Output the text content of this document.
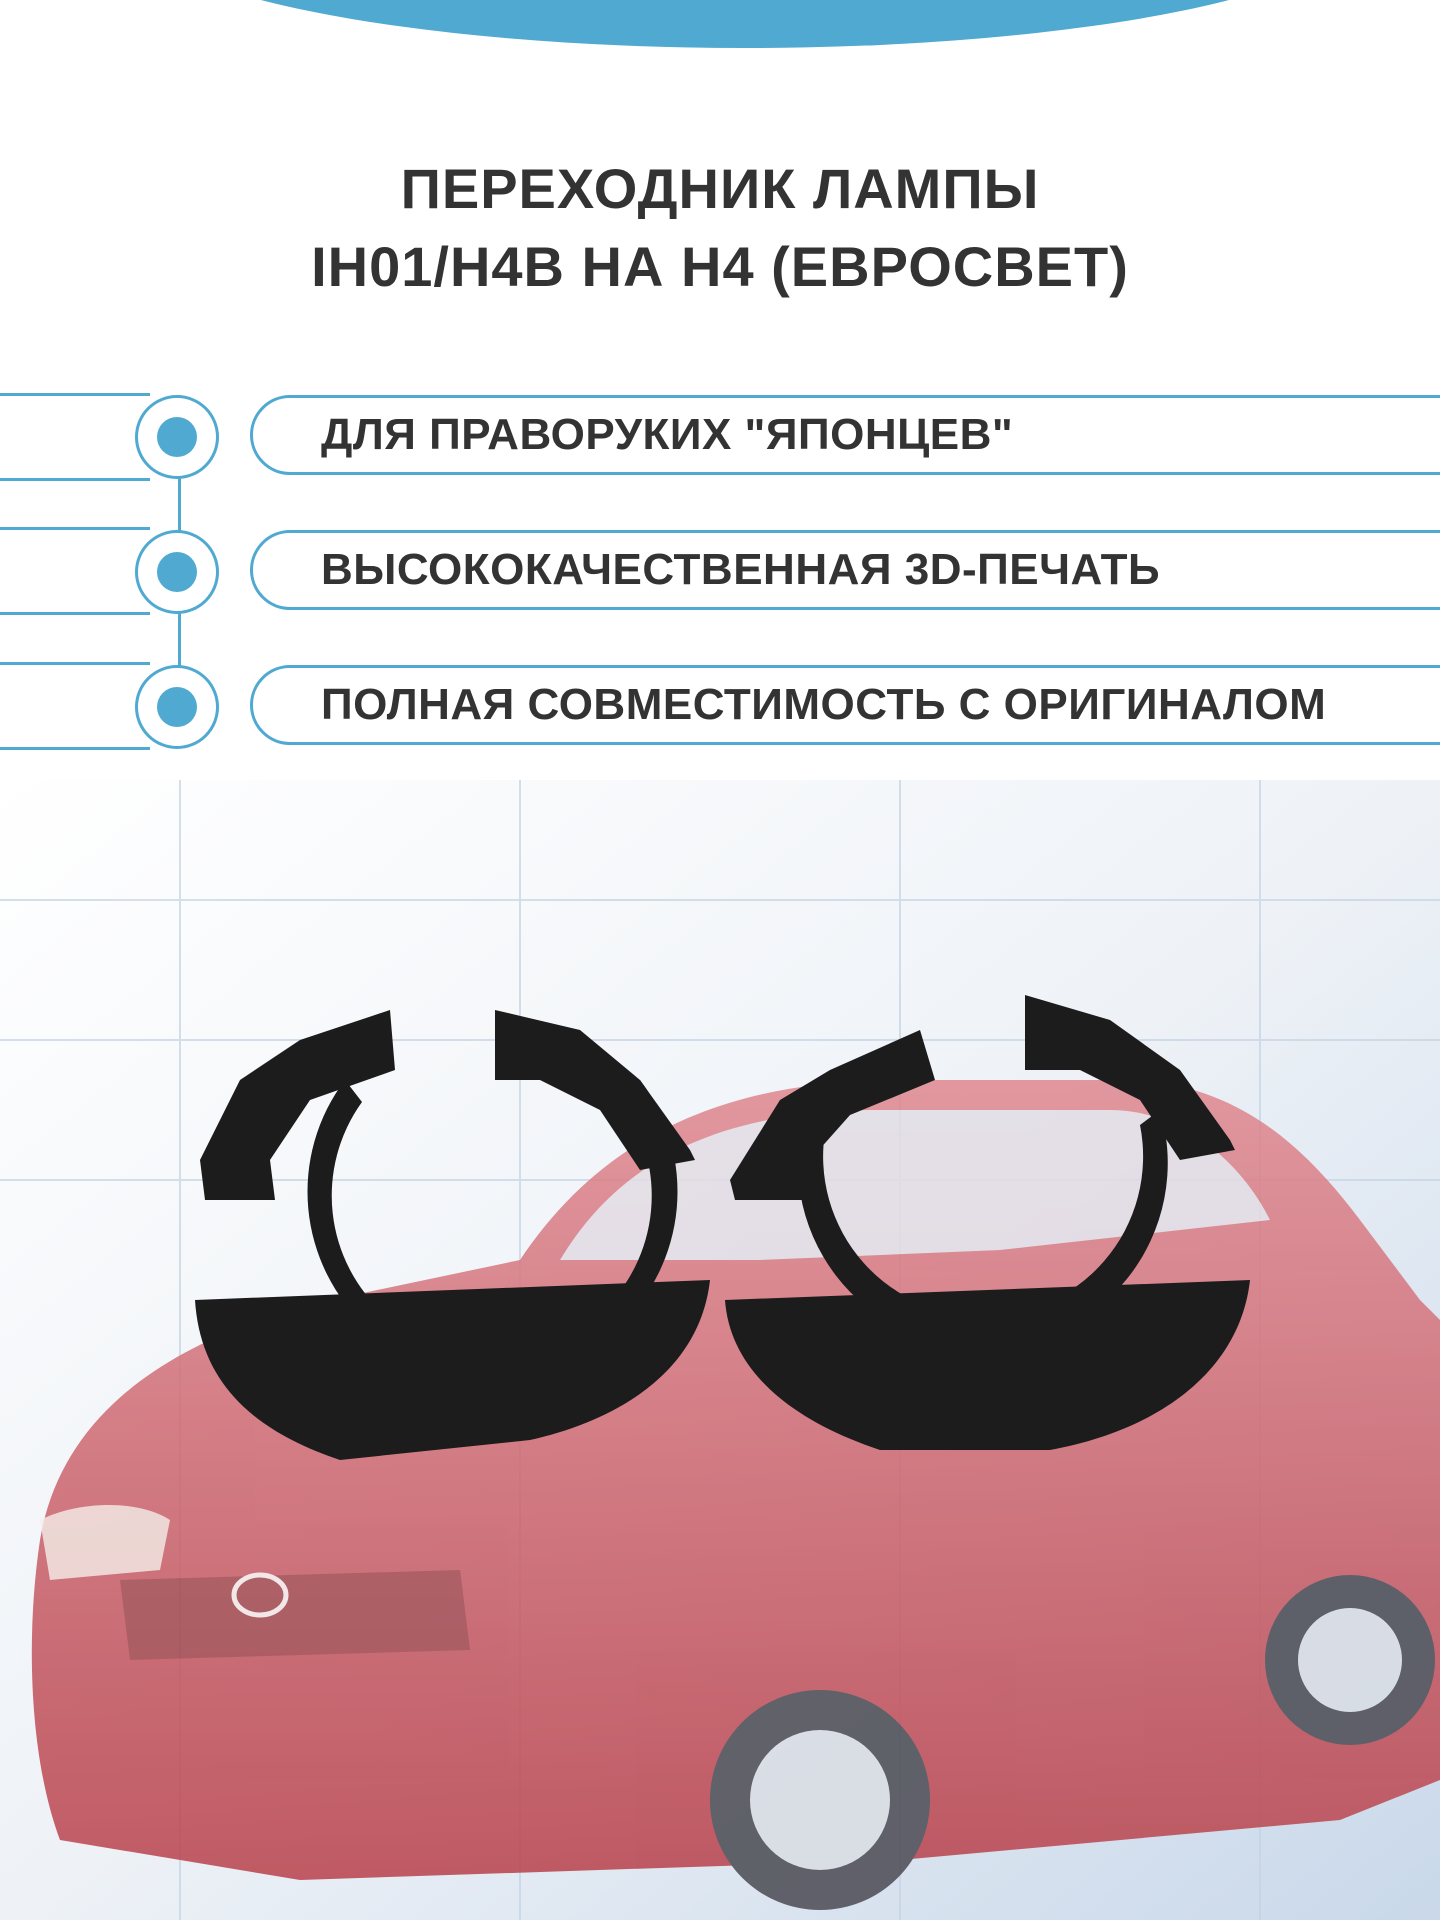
ПЕРЕХОДНИК ЛАМПЫ
IH01/H4B НА H4 (ЕВРОСВЕТ)
ДЛЯ ПРАВОРУКИХ "ЯПОНЦЕВ"
ВЫСОКОКАЧЕСТВЕННАЯ 3D-ПЕЧАТЬ
ПОЛНАЯ СОВМЕСТИМОСТЬ С ОРИГИНАЛОМ
